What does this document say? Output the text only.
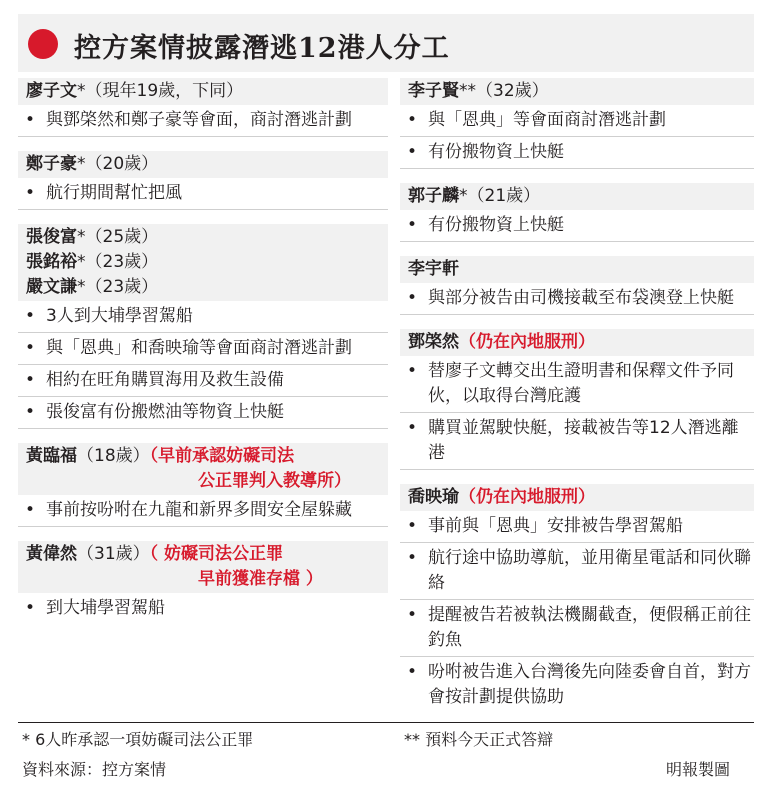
控方案情披露潛逃12港人分工
廖子文*（現年19歲，下同）
• 與鄧棨然和鄭子豪等會面，商討潛逃計劃
鄭子豪*（20歲）
• 航行期間幫忙把風
張俊富*（25歲）
張銘裕*（23歲）
嚴文謙*（23歲）
• 3人到大埔學習駕船
• 與「恩典」和喬映瑜等會面商討潛逃計劃
• 相約在旺角購買海用及救生設備
• 張俊富有份搬燃油等物資上快艇
黃臨福（18歲）（早前承認妨礙司法
公正罪判入教導所）
• 事前按吩咐在九龍和新界多間安全屋躲藏
黃偉然（31歲）（ 妨礙司法公正罪
早前獲准存檔 ）
• 到大埔學習駕船
李子賢**（32歲）
• 與「恩典」等會面商討潛逃計劃
• 有份搬物資上快艇
郭子麟*（21歲）
• 有份搬物資上快艇
李宇軒
• 與部分被告由司機接載至布袋澳登上快艇
鄧棨然（仍在內地服刑）
• 替廖子文轉交出生證明書和保釋文件予同伙，以取得台灣庇護
• 購買並駕駛快艇，接載被告等12人潛逃離港
喬映瑜（仍在內地服刑）
• 事前與「恩典」安排被告學習駕船
• 航行途中協助導航，並用衛星電話和同伙聯絡
• 提醒被告若被執法機關截查，便假稱正前往釣魚
• 吩咐被告進入台灣後先向陸委會自首，對方會按計劃提供協助
* 6人昨承認一項妨礙司法公正罪	** 預料今天正式答辯
資料來源：控方案情	明報製圖
